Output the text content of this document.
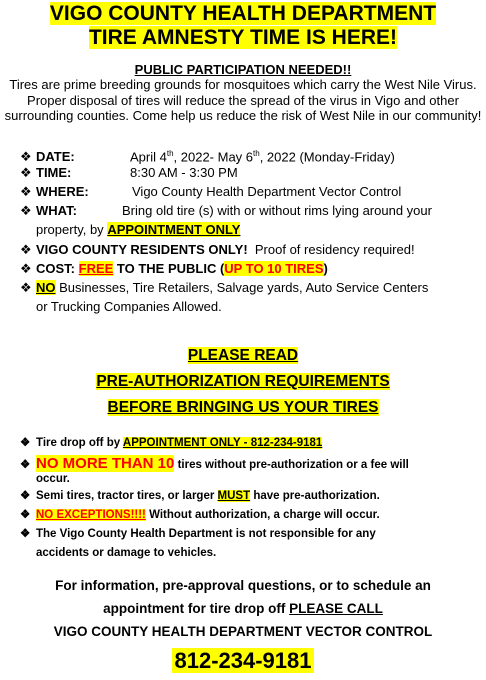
VIGO COUNTY HEALTH DEPARTMENT
TIRE AMNESTY TIME IS HERE!
PUBLIC PARTICIPATION NEEDED!!
Tires are prime breeding grounds for mosquitoes which carry the West Nile Virus. Proper disposal of tires will reduce the spread of the virus in Vigo and other surrounding counties. Come help us reduce the risk of West Nile in our community!
❖ DATE:	April 4th, 2022- May 6th, 2022 (Monday-Friday)
❖ TIME:	8:30 AM - 3:30 PM
❖ WHERE:	Vigo County Health Department Vector Control
❖ WHAT:	Bring old tire (s) with or without rims lying around your
property, by APPOINTMENT ONLY
❖ VIGO COUNTY RESIDENTS ONLY! Proof of residency required!
❖ COST: FREE TO THE PUBLIC (UP TO 10 TIRES)
❖ NO Businesses, Tire Retailers, Salvage yards, Auto Service Centers
or Trucking Companies Allowed.
PLEASE READ
PRE-AUTHORIZATION REQUIREMENTS
BEFORE BRINGING US YOUR TIRES
❖ Tire drop off by APPOINTMENT ONLY - 812-234-9181
❖ NO MORE THAN 10 tires without pre-authorization or a fee will
occur.
❖ Semi tires, tractor tires, or larger MUST have pre-authorization.
❖ NO EXCEPTIONS!!!! Without authorization, a charge will occur.
❖ The Vigo County Health Department is not responsible for any
accidents or damage to vehicles.
For information, pre-approval questions, or to schedule an
appointment for tire drop off PLEASE CALL
VIGO COUNTY HEALTH DEPARTMENT VECTOR CONTROL
812-234-9181
